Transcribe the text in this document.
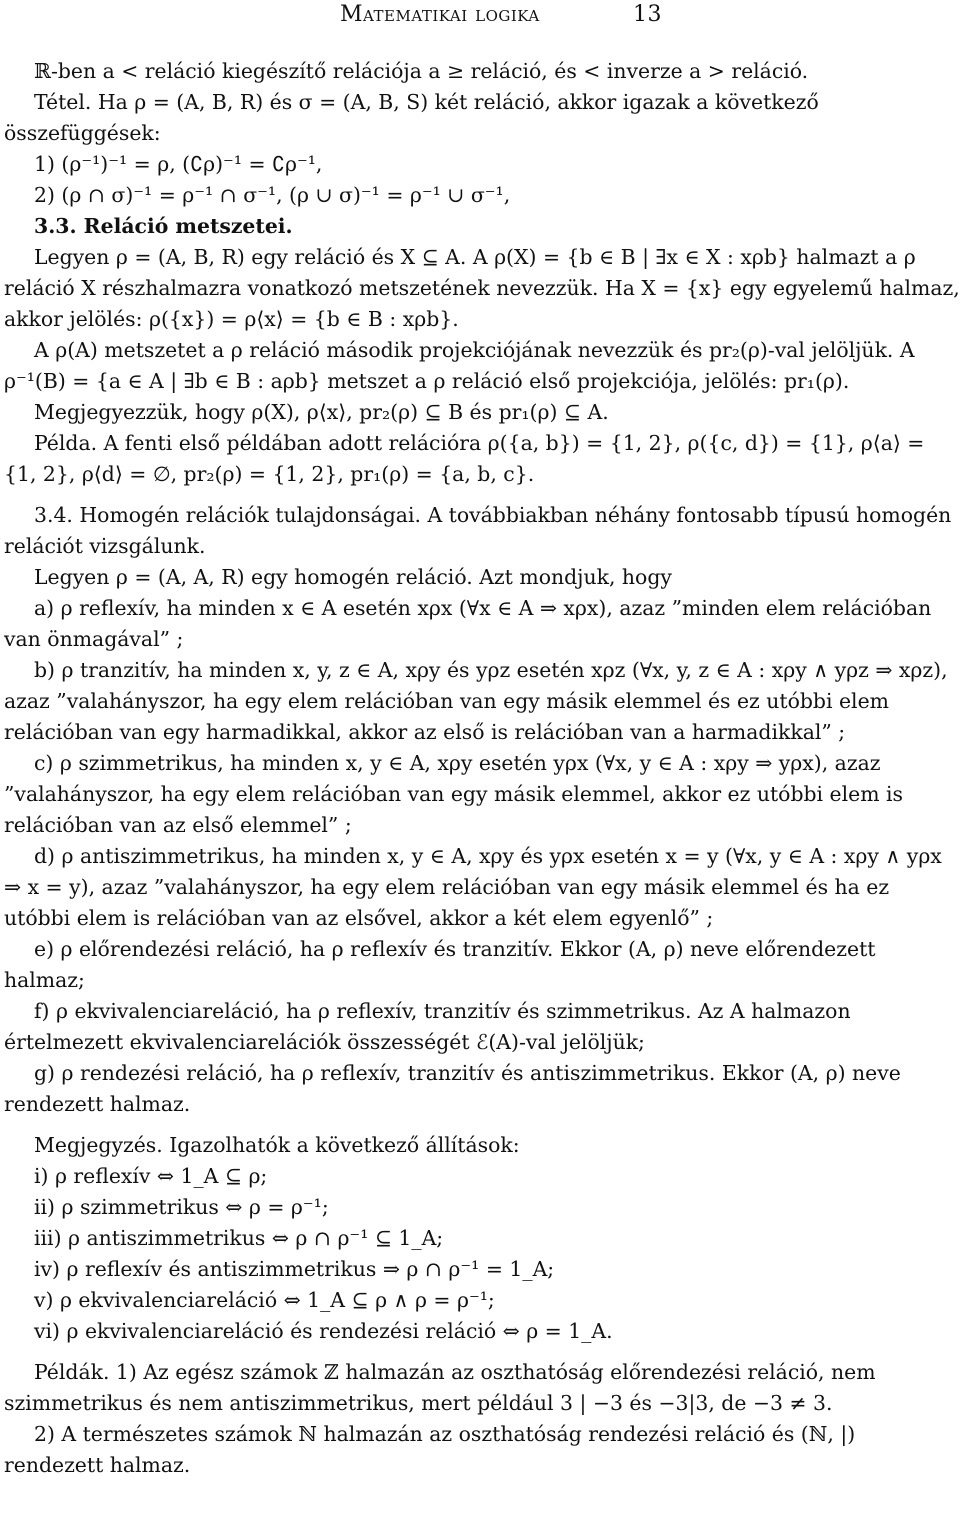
Matematikai logika	13

ℝ-ben a < reláció kiegészítő relációja a ≥ reláció, és < inverze a > reláció.

Tétel. Ha ρ = (A, B, R) és σ = (A, B, S) két reláció, akkor igazak a következő összefüggések:

1) (ρ⁻¹)⁻¹ = ρ, (∁ρ)⁻¹ = ∁ρ⁻¹,

2) (ρ ∩ σ)⁻¹ = ρ⁻¹ ∩ σ⁻¹, (ρ ∪ σ)⁻¹ = ρ⁻¹ ∪ σ⁻¹,

3.3. Reláció metszetei.

Legyen ρ = (A, B, R) egy reláció és X ⊆ A. A ρ(X) = {b ∈ B | ∃x ∈ X : xρb} halmazt a ρ reláció X részhalmazra vonatkozó metszetének nevezzük. Ha X = {x} egy egyelemű halmaz, akkor jelölés: ρ({x}) = ρ⟨x⟩ = {b ∈ B : xρb}.

A ρ(A) metszetet a ρ reláció második projekciójának nevezzük és pr₂(ρ)-val jelöljük. A ρ⁻¹(B) = {a ∈ A | ∃b ∈ B : aρb} metszet a ρ reláció első projekciója, jelölés: pr₁(ρ).

Megjegyezzük, hogy ρ(X), ρ⟨x⟩, pr₂(ρ) ⊆ B és pr₁(ρ) ⊆ A.

Példa. A fenti első példában adott relációra ρ({a, b}) = {1, 2}, ρ({c, d}) = {1}, ρ⟨a⟩ = {1, 2}, ρ⟨d⟩ = ∅, pr₂(ρ) = {1, 2}, pr₁(ρ) = {a, b, c}.

3.4. Homogén relációk tulajdonságai. A továbbiakban néhány fontosabb típusú homogén relációt vizsgálunk.

Legyen ρ = (A, A, R) egy homogén reláció. Azt mondjuk, hogy

a) ρ reflexív, ha minden x ∈ A esetén xρx (∀x ∈ A ⇒ xρx), azaz ”minden elem relációban van önmagával” ;

b) ρ tranzitív, ha minden x, y, z ∈ A, xρy és yρz esetén xρz (∀x, y, z ∈ A : xρy ∧ yρz ⇒ xρz), azaz ”valahányszor, ha egy elem relációban van egy másik elemmel és ez utóbbi elem relációban van egy harmadikkal, akkor az első is relációban van a harmadikkal” ;

c) ρ szimmetrikus, ha minden x, y ∈ A, xρy esetén yρx (∀x, y ∈ A : xρy ⇒ yρx), azaz ”valahányszor, ha egy elem relációban van egy másik elemmel, akkor ez utóbbi elem is relációban van az első elemmel” ;

d) ρ antiszimmetrikus, ha minden x, y ∈ A, xρy és yρx esetén x = y (∀x, y ∈ A : xρy ∧ yρx ⇒ x = y), azaz ”valahányszor, ha egy elem relációban van egy másik elemmel és ha ez utóbbi elem is relációban van az elsővel, akkor a két elem egyenlő” ;

e) ρ előrendezési reláció, ha ρ reflexív és tranzitív. Ekkor (A, ρ) neve előrendezett halmaz;

f) ρ ekvivalenciareláció, ha ρ reflexív, tranzitív és szimmetrikus. Az A halmazon értelmezett ekvivalenciarelációk összességét ℰ(A)-val jelöljük;

g) ρ rendezési reláció, ha ρ reflexív, tranzitív és antiszimmetrikus. Ekkor (A, ρ) neve rendezett halmaz.

Megjegyzés. Igazolhatók a következő állítások:

i) ρ reflexív ⇔ 1_A ⊆ ρ;

ii) ρ szimmetrikus ⇔ ρ = ρ⁻¹;

iii) ρ antiszimmetrikus ⇔ ρ ∩ ρ⁻¹ ⊆ 1_A;

iv) ρ reflexív és antiszimmetrikus ⇒ ρ ∩ ρ⁻¹ = 1_A;

v) ρ ekvivalenciareláció ⇔ 1_A ⊆ ρ ∧ ρ = ρ⁻¹;

vi) ρ ekvivalenciareláció és rendezési reláció ⇔ ρ = 1_A.

Példák. 1) Az egész számok ℤ halmazán az oszthatóság előrendezési reláció, nem szimmetrikus és nem antiszimmetrikus, mert például 3 | −3 és −3|3, de −3 ≠ 3.

2) A természetes számok ℕ halmazán az oszthatóság rendezési reláció és (ℕ, |) rendezett halmaz.
